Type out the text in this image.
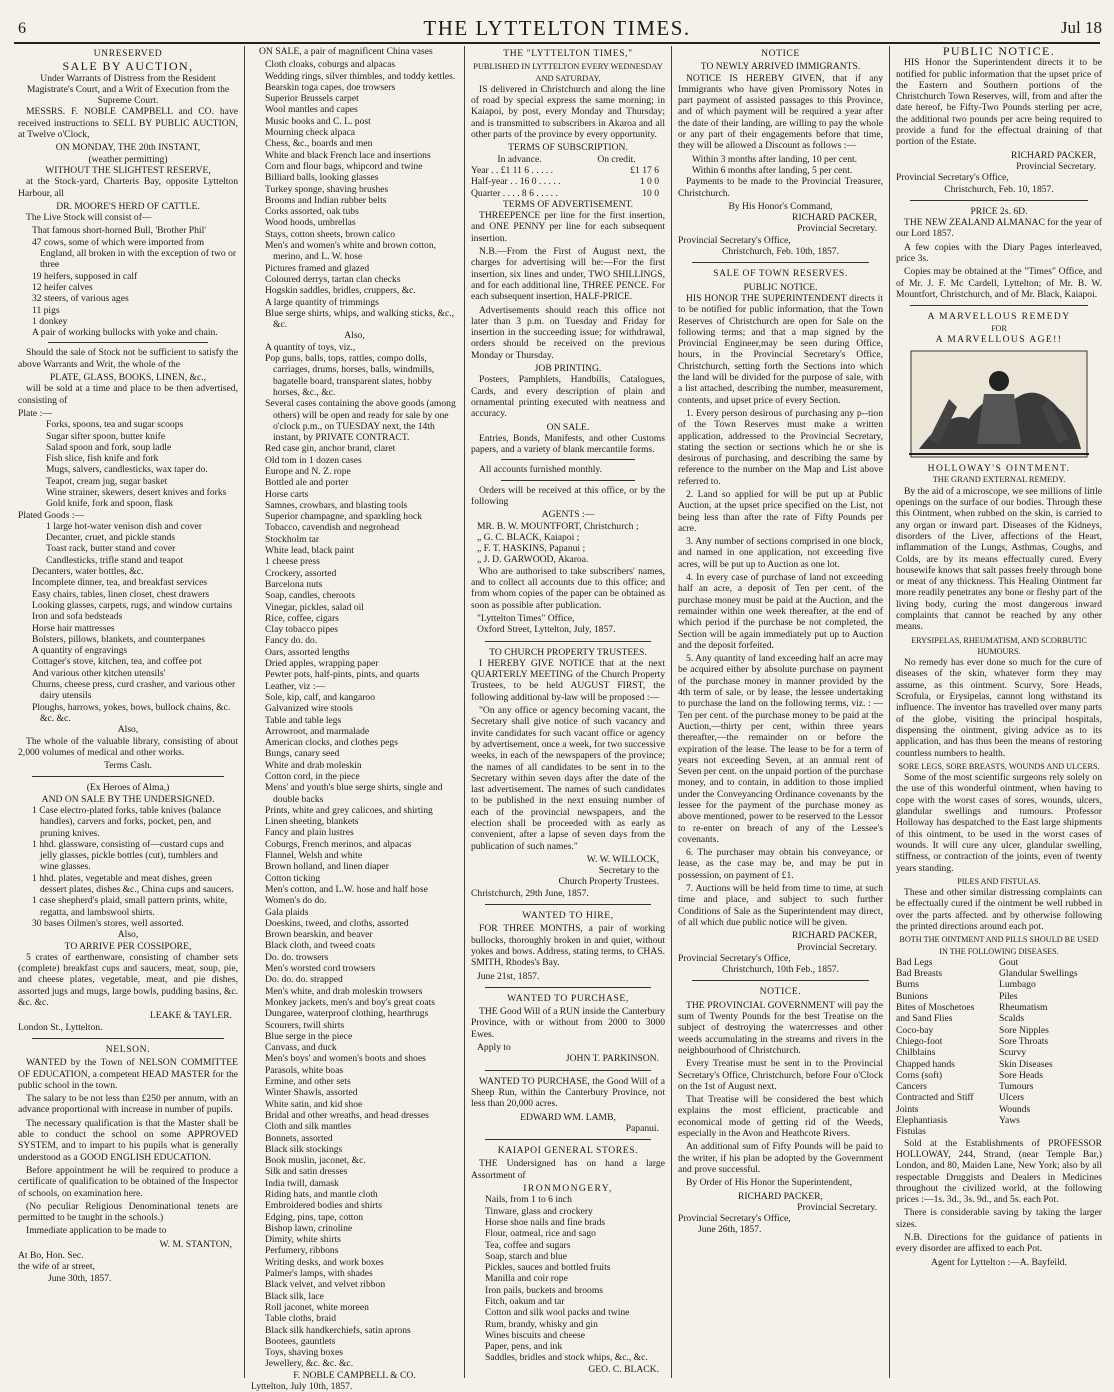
6	THE LYTTELTON TIMES.	Jul 18
UNRESERVED
SALE BY AUCTION,
Under Warrants of Distress from the Resident Magistrate's Court, and a Writ of Execution from the Supreme Court.

MESSRS. F. NOBLE CAMPBELL and CO. have received instructions to SELL BY PUBLIC AUCTION, at Twelve o'Clock,

ON MONDAY, THE 20th INSTANT,
(weather permitting)
WITHOUT THE SLIGHTEST RESERVE,

at the Stock-yard, Charteris Bay, opposite Lyttelton Harbour, all

DR. MOORE'S HERD OF CATTLE.

The Live Stock will consist of—

That famous short-horned Bull, 'Brother Phil'
47 cows, some of which were imported from England, all broken in with the exception of two or three
19 heifers, supposed in calf
12 heifer calves
32 steers, of various ages
11 pigs
1 donkey
A pair of working bullocks with yoke and chain.

Should the sale of Stock not be sufficient to satisfy the above Warrants and Writ, the whole of the

PLATE, GLASS, BOOKS, LINEN, &c.,

will be sold at a time and place to be then advertised, consisting of

Plate :—
Forks, spoons, tea and sugar scoops
Sugar sifter spoon, butter knife
Salad spoon and fork, soup ladle
Fish slice, fish knife and fork
Mugs, salvers, candlesticks, wax taper do.
Teapot, cream jug, sugar basket
Wine strainer, skewers, desert knives and forks
Gold knife, fork and spoon, flask
Plated Goods :—
1 large hot-water venison dish and cover
Decanter, cruet, and pickle stands
Toast rack, butter stand and cover
Candlesticks, trifle stand and teapot
Decanters, water bottles, &c.
Incomplete dinner, tea, and breakfast services
Easy chairs, tables, linen closet, chest drawers
Looking glasses, carpets, rugs, and window curtains
Iron and sofa bedsteads
Horse hair mattresses
Bolsters, pillows, blankets, and counterpanes
A quantity of engravings
Cottager's stove, kitchen, tea, and coffee pot
And various other kitchen utensils'
Churns, cheese press, curd crasher, and various other dairy utensils
Ploughs, harrows, yokes, bows, bullock chains, &c. &c. &c.
Also,

The whole of the valuable library, consisting of about 2,000 volumes of medical and other works.

Terms Cash.
(Ex Heroes of Alma,)
AND ON SALE BY THE UNDERSIGNED.
1 Case electro-plated forks, table knives (balance handles), carvers and forks, pocket, pen, and pruning knives.
1 hhd. glassware, consisting of—custard cups and jelly glasses, pickle bottles (cut), tumblers and wine glasses.
1 hhd. plates, vegetable and meat dishes, green dessert plates, dishes &c., China cups and saucers.
1 case shepherd's plaid, small pattern prints, white, regatta, and lambswool shirts.
30 bases Oilmen's stores, well assorted.
Also,
TO ARRIVE PER COSSIPORE,

5 crates of earthenware, consisting of chamber sets (complete) breakfast cups and saucers, meat, soup, pie, and cheese plates, vegetable, meat, and pie dishes, assorted jugs and mugs, large bowls, pudding basins, &c. &c. &c.

LEAKE & TAYLER.
London St., Lyttelton.
NELSON.

WANTED by the Town of NELSON COMMITTEE OF EDUCATION, a competent HEAD MASTER for the public school in the town.

The salary to be not less than £250 per annum, with an advance proportional with increase in number of pupils.

The necessary qualification is that the Master shall be able to conduct the school on some APPROVED SYSTEM, and to impart to his pupils what is generally understood as a GOOD ENGLISH EDUCATION.

Before appointment he will be required to produce a certificate of qualification to be obtained of the Inspector of schools, on examination here.

(No peculiar Religious Denominational tenets are permitted to be taught in the schools.)

Immediate application to be made to

W. M. STANTON,
At Bo, Hon. Sec.
the wife of ar street,
June 30th, 1857.

ON SALE, a pair of magnificent China vases

Cloth cloaks, coburgs and alpacas
Wedding rings, silver thimbles, and toddy kettles.
Bearskin toga capes, doe trowsers
Superior Brussels carpet
Wool mantles and capes
Music books and C. L. post
Mourning check alpaca
Chess, &c., boards and men
White and black French lace and insertions
Corn and flour bags, whipcord and twine
Billiard balls, looking glasses
Turkey sponge, shaving brushes
Brooms and Indian rubber belts
Corks assorted, oak tubs
Wood hoods, umbrellas
Stays, cotton sheets, brown calico
Men's and women's white and brown cotton, merino, and L. W. hose
Pictures framed and glazed
Coloured derrys, tartan clan checks
Hogskin saddles, bridles, cruppers, &c.
A large quantity of trimmings
Blue serge shirts, whips, and walking sticks, &c., &c.
Also,
A quantity of toys, viz.,
Pop guns, balls, tops, rattles, compo dolls, carriages, drums, horses, balls, windmills, bagatelle board, transparent slates, hobby horses, &c., &c.
Several cases containing the above goods (among others) will be open and ready for sale by one o'clock p.m., on TUESDAY next, the 14th instant, by PRIVATE CONTRACT.
Red case gin, anchor brand, claret
Old tom in 1 dozen cases
Europe and N. Z. rope
Bottled ale and porter
Horse carts
Samnes, crowbars, and blasting tools
Superior champagne, and sparkling hock
Tobacco, cavendish and negrohead
Stockholm tar
White lead, black paint
1 cheese press
Crockery, assorted
Barcelona nuts
Soap, candles, cheroots
Vinegar, pickles, salad oil
Rice, coffee, cigars
Clay tobacco pipes
Fancy do. do.
Oars, assorted lengths
Dried apples, wrapping paper
Pewter pots, half-pints, pints, and quarts
Leather, viz :—
Sole, kip, calf, and kangaroo
Galvanized wire stools
Table and table legs
Arrowroot, and marmalade
American clocks, and clothes pegs
Bungs, canary seed
White and drab moleskin
Cotton cord, in the piece
Mens' and youth's blue serge shirts, single and double backs
Prints, white and grey calicoes, and shirting
Linen sheeting, blankets
Fancy and plain lustres
Coburgs, French merinos, and alpacas
Flannel, Welsh and white
Brown holland, and linen diaper
Cotton ticking
Men's cotton, and L.W. hose and half hose
Women's do do.
Gala plaids
Doeskins, tweed, and cloths, assorted
Brown bearskin, and beaver
Black cloth, and tweed coats
Do. do. trowsers
Men's worsted cord trowsers
Do. do. do. strapped
Men's white, and drab moleskin trowsers
Monkey jackets, men's and boy's great coats
Dungaree, waterproof clothing, hearthrugs
Scourers, twill shirts
Blue serge in the piece
Canvass, and duck
Men's boys' and women's boots and shoes
Parasols, white boas
Ermine, and other sets
Winter Shawls, assorted
White satin, and kid shoe
Bridal and other wreaths, and head dresses
Cloth and silk mantles
Bonnets, assorted
Black silk stockings
Book muslin, jaconet, &c.
Silk and satin dresses
India twill, damask
Riding hats, and mantle cloth
Embroidered bodies and shirts
Edging, pins, tape, cotton
Bishop lawn, crinoline
Dimity, white shirts
Perfumery, ribbons
Writing desks, and work boxes
Palmer's lamps, with shades
Black velvet, and velvet ribbon
Black silk, lace
Roll jaconet, white moreen
Table cloths, braid
Black silk handkerchiefs, satin aprons
Bootees, gauntlets
Toys, shaving boxes
Jewellery, &c. &c. &c.
F. NOBLE CAMPBELL & CO.
Lyttelton, July 10th, 1857.
THE "LYTTELTON TIMES,"
PUBLISHED IN LYTTELTON EVERY WEDNESDAY AND SATURDAY,

IS delivered in Christchurch and along the line of road by special express the same morning; in Kaiapoi, by post, every Monday and Thursday; and is transmitted to subscribers in Akaroa and all other parts of the province by every opportunity.

TERMS OF SUBSCRIPTION.
In advance.	On credit.
Year . . £1 11 6 . . . . .	£1 17 6
Half-year . . 16 0 . . . . .	1 0 0
Quarter . . . . 8 6 . . . . .	10 0
TERMS OF ADVERTISEMENT.

THREEPENCE per line for the first insertion, and ONE PENNY per line for each subsequent insertion.

N.B.—From the First of August next, the charges for advertising will be:—For the first insertion, six lines and under, TWO SHILLINGS, and for each additional line, THREE PENCE. For each subsequent insertion, HALF-PRICE.

Advertisements should reach this office not later than 3 p.m. on Tuesday and Friday for insertion in the succeeding issue; for withdrawal, orders should be received on the previous Monday or Thursday.

JOB PRINTING.

Posters, Pamphlets, Handbills, Catalogues, Cards, and every description of plain and ornamental printing executed with neatness and accuracy.

ON SALE.

Entries, Bonds, Manifests, and other Customs papers, and a variety of blank mercantile forms.

All accounts furnished monthly.

Orders will be received at this office, or by the following

AGENTS :—
MR. B. W. MOUNTFORT, Christchurch ;
„ G. C. BLACK, Kaiapoi ;
„ F. T. HASKINS, Papanui ;
„ J. D. GARWOOD, Akaroa.

Who are authorised to take subscribers' names, and to collect all accounts due to this office; and from whom copies of the paper can be obtained as soon as possible after publication.

"Lyttelton Times" Office,
Oxford Street, Lyttelton, July, 1857.
TO CHURCH PROPERTY TRUSTEES.

I HEREBY GIVE NOTICE that at the next QUARTERLY MEETING of the Church Property Trustees, to be held AUGUST FIRST, the following additional by-law will be proposed :—

"On any office or agency becoming vacant, the Secretary shall give notice of such vacancy and invite candidates for such vacant office or agency by advertisement, once a week, for two successive weeks, in each of the newspapers of the province; the names of all candidates to be sent in to the Secretary within seven days after the date of the last advertisement. The names of such candidates to be published in the next ensuing number of each of the provincial newspapers, and the election shall be proceeded with as early as convenient, after a lapse of seven days from the publication of such names."

W. W. WILLOCK,
Secretary to the
Church Property Trustees.
Christchurch, 29th June, 1857.
WANTED TO HIRE,

FOR THREE MONTHS, a pair of working bullocks, thoroughly broken in and quiet, without yokes and bows. Address, stating terms, to CHAS. SMITH, Rhodes's Bay.

June 21st, 1857.
WANTED TO PURCHASE,

THE Good Will of a RUN inside the Canterbury Province, with or without from 2000 to 3000 Ewes.

Apply to
JOHN T. PARKINSON.

WANTED TO PURCHASE, the Good Will of a Sheep Run, within the Canterbury Province, not less than 20,000 acres.

EDWARD WM. LAMB,
Papanui.
KAIAPOI GENERAL STORES.

THE Undersigned has on hand a large Assortment of

IRONMONGERY,
Nails, from 1 to 6 inch
Tinware, glass and crockery
Horse shoe nails and fine brads
Flour, oatmeal, rice and sago
Tea, coffee and sugars
Soap, starch and blue
Pickles, sauces and bottled fruits
Manilla and coir rope
Iron pails, buckets and brooms
Fitch, oakum and tar
Cotton and silk wool packs and twine
Rum, brandy, whisky and gin
Wines biscuits and cheese
Paper, pens, and ink
Saddles, bridles and stock whips, &c., &c.
GEO. C. BLACK.
NOTICE
TO NEWLY ARRIVED IMMIGRANTS.

NOTICE IS HEREBY GIVEN, that if any Immigrants who have given Promissory Notes in part payment of assisted passages to this Province, and of which payment will be required a year after the date of their landing, are willing to pay the whole or any part of their engagements before that time, they will be allowed a Discount as follows :—

Within 3 months after landing, 10 per cent.
Within 6 months after landing, 5 per cent.

Payments to be made to the Provincial Treasurer, Christchurch.

By His Honor's Command,
RICHARD PACKER,
Provincial Secretary.
Provincial Secretary's Office,
Christchurch, Feb. 10th, 1857.
SALE OF TOWN RESERVES.
PUBLIC NOTICE.

HIS HONOR THE SUPERINTENDENT directs it to be notified for public information, that the Town Reserves of Christchurch are open for Sale on the following terms; and that a map signed by the Provincial Engineer,may be seen during Office, hours, in the Provincial Secretary's Office, Christchurch, setting forth the Sections into which the land will be divided for the purpose of sale, with a list attached, describing the number, measurement, contents, and upset price of every Section.

1. Every person desirous of purchasing any p--tion of the Town Reserves must make a written application, addressed to the Provincial Secretary, stating the section or sections which he or she is desirous of purchasing, and describing the same by reference to the number on the Map and List above referred to.

2. Land so applied for will be put up at Public Auction, at the upset price specified on the List, not being less than after the rate of Fifty Pounds per acre.

3. Any number of sections comprised in one block, and named in one application, not exceeding five acres, will be put up to Auction as one lot.

4. In every case of purchase of land not exceeding half an acre, a deposit of Ten per cent. of the purchase money must be paid at the Auction, and the remainder within one week thereafter, at the end of which period if the purchase be not completed, the Section will be again immediately put up to Auction and the deposit forfeited.

5. Any quantity of land exceeding half an acre may be acquired either by absolute purchase on payment of the purchase money in manner provided by the 4th term of sale, or by lease, the lessee undertaking to purchase the land on the following terms, viz. : —Ten per cent. of the purchase money to be paid at the Auction,—thirty per cent, within three years thereafter,—the remainder on or before the expiration of the lease. The lease to be for a term of years not exceeding Seven, at an annual rent of Seven per cent. on the unpaid portion of the purchase money, and to contain, in addition to those implied under the Conveyancing Ordinance covenants by the lessee for the payment of the purchase money as above mentioned, power to be reserved to the Lessor to re-enter on breach of any of the Lessee's covenants.

6. The purchaser may obtain his conveyance, or lease, as the case may be, and may be put in possession, on payment of £1.

7. Auctions will be held from time to time, at such time and place, and subject to such further Conditions of Sale as the Superintendent may direct, of all which due public notice will be given.

RICHARD PACKER,
Provincial Secretary.
Provincial Secretary's Office,
Christchurch, 10th Feb., 1857.
NOTICE.

THE PROVINCIAL GOVERNMENT will pay the sum of Twenty Pounds for the best Treatise on the subject of destroying the watercresses and other weeds accumulating in the streams and rivers in the neighbourhood of Christchurch.

Every Treatise must be sent in to the Provincial Secretary's Office, Christchurch, before Four o'Clock on the 1st of August next.

That Treatise will be considered the best which explains the most efficient, practicable and economical mode of getting rid of the Weeds, especially in the Avon and Heathcote Rivers.

An additional sum of Fifty Pounds will be paid to the writer, if his plan be adopted by the Government and prove successful.

By Order of His Honor the Superintendent,

RICHARD PACKER,
Provincial Secretary.
Provincial Secretary's Office,
June 26th, 1857.
PUBLIC NOTICE.

HIS Honor the Superintendent directs it to be notified for public information that the upset price of the Eastern and Southern portions of the Christchurch Town Reserves, will, from and after the date hereof, be Fifty-Two Pounds sterling per acre, the additional two pounds per acre being required to provide a fund for the effectual draining of that portion of the Estate.

RICHARD PACKER,
Provincial Secretary.
Provincial Secretary's Office,
Christchurch, Feb. 10, 1857.
PRICE 2s. 6D.

THE NEW ZEALAND ALMANAC for the year of our Lord 1857.

A few copies with the Diary Pages interleaved, price 3s.

Copies may be obtained at the "Times" Office, and of Mr. J. F. Mc Cardell, Lyttelton; of Mr. B. W. Mountfort, Christchurch, and of Mr. Black, Kaiapoi.

A MARVELLOUS REMEDY
FOR
A MARVELLOUS AGE!!
HOLLOWAY'S OINTMENT.
THE GRAND EXTERNAL REMEDY.

By the aid of a microscope, we see millions of little openings on the surface of our bodies. Through these this Ointment, when rubbed on the skin, is carried to any organ or inward part. Diseases of the Kidneys, disorders of the Liver, affections of the Heart, inflammation of the Lungs, Asthmas, Coughs, and Colds, are by its means effectually cured. Every housewife knows that salt passes freely through bone or meat of any thickness. This Healing Ointment far more readily penetrates any bone or fleshy part of the living body, curing the most dangerous inward complaints that cannot be reached by any other means.

ERYSIPELAS, RHEUMATISM, AND SCORBUTIC HUMOURS.

No remedy has ever done so much for the cure of diseases of the skin, whatever form they may assume, as this ointment. Scurvy, Sore Heads, Scrofula, or Erysipelas, cannot long withstand its influence. The inventor has travelled over many parts of the globe, visiting the principal hospitals, dispensing the ointment, giving advice as to its application, and has thus been the means of restoring countless numbers to health.

SORE LEGS, SORE BREASTS, WOUNDS AND ULCERS.

Some of the most scientific surgeons rely solely on the use of this wonderful ointment, when having to cope with the worst cases of sores, wounds, ulcers, glandular swellings and tumours. Professor Holloway has despatched to the East large shipments of this ointment, to be used in the worst cases of wounds. It will cure any ulcer, glandular swelling, stiffness, or contraction of the joints, even of twenty years standing.

PILES AND FISTULAS.

These and other similar distressing complaints can be effectually cured if the ointment be well rubbed in over the parts affected. and by otherwise following the printed directions around each pot.

BOTH THE OINTMENT AND PILLS SHOULD BE USED IN THE FOLLOWING DISEASES.
Bad Legs	Gout
Bad Breasts	Glandular Swellings
Burns	Lumbago
Bunions	Piles
Bites of Moschetoes	Rheumatism
and Sand Flies	Scalds
Coco-bay	Sore Nipples
Chiego-foot	Sore Throats
Chilblains	Scurvy
Chapped hands	Skin Diseases
Corns (soft)	Sore Heads
Cancers	Tumours
Contracted and Stiff	Ulcers
Joints	Wounds
Elephantiasis	Yaws
Fistulas

Sold at the Establishments of PROFESSOR HOLLOWAY, 244, Strand, (near Temple Bar,) London, and 80, Maiden Lane, New York; also by all respectable Druggists and Dealers in Medicines throughout the civilized world, at the following prices :—1s. 3d., 3s. 9d., and 5s. each Pot.

There is considerable saving by taking the larger sizes.

N.B. Directions for the guidance of patients in every disorder are affixed to each Pot.

Agent for Lyttelton :—A. Bayfeild.
